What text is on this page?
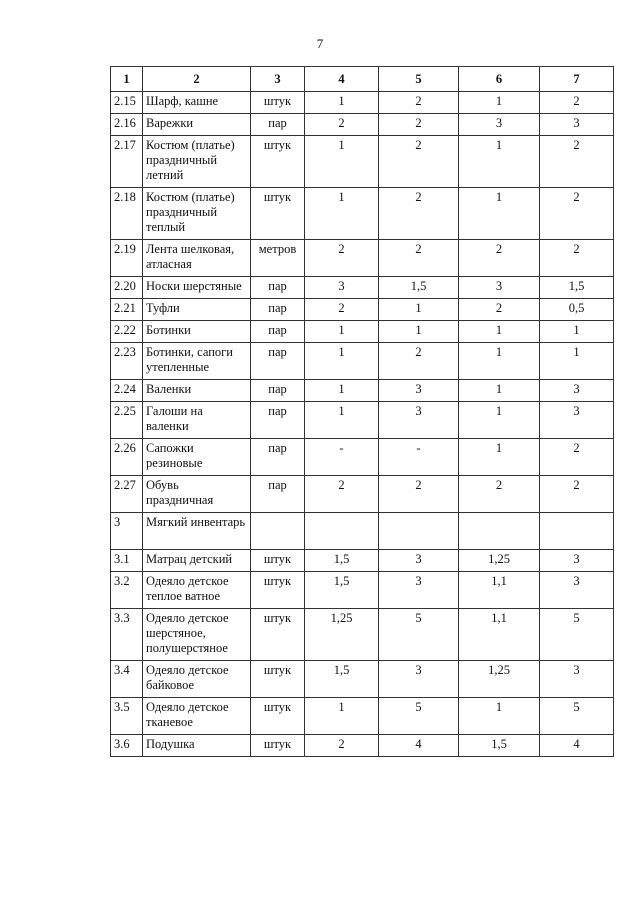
7
1	2	3	4	5	6	7
2.15	Шарф, кашне	штук	1	2	1	2
2.16	Варежки	пар	2	2	3	3
2.17	Костюм (платье) праздничный летний	штук	1	2	1	2
2.18	Костюм (платье) праздничный теплый	штук	1	2	1	2
2.19	Лента шелковая, атласная	метров	2	2	2	2
2.20	Носки шерстяные	пар	3	1,5	3	1,5
2.21	Туфли	пар	2	1	2	0,5
2.22	Ботинки	пар	1	1	1	1
2.23	Ботинки, сапоги утепленные	пар	1	2	1	1
2.24	Валенки	пар	1	3	1	3
2.25	Галоши на валенки	пар	1	3	1	3
2.26	Сапожки резиновые	пар	-	-	1	2
2.27	Обувь праздничная	пар	2	2	2	2
3	Мягкий инвентарь					
3.1	Матрац детский	штук	1,5	3	1,25	3
3.2	Одеяло детское теплое ватное	штук	1,5	3	1,1	3
3.3	Одеяло детское шерстяное, полушерстяное	штук	1,25	5	1,1	5
3.4	Одеяло детское байковое	штук	1,5	3	1,25	3
3.5	Одеяло детское тканевое	штук	1	5	1	5
3.6	Подушка	штук	2	4	1,5	4
